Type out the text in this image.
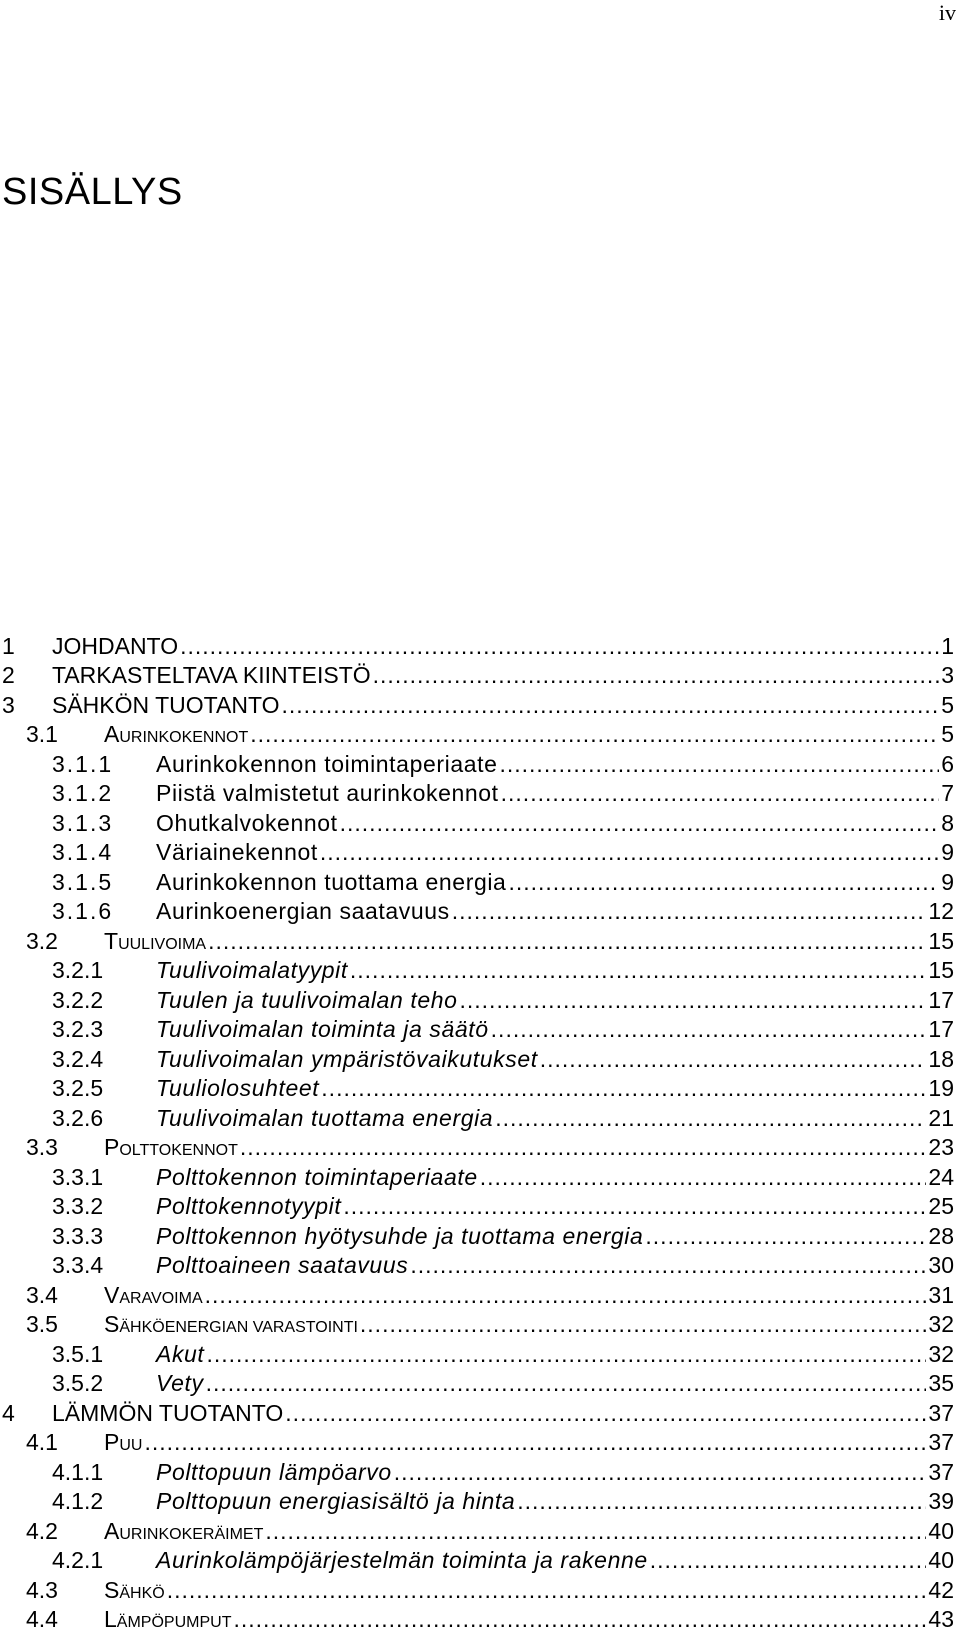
iv
SISÄLLYS
1 JOHDANTO .....	1
2 TARKASTELTAVA KIINTEISTÖ .....	3
3 SÄHKÖN TUOTANTO .....	5
3.1 AURINKOKENNOT .....	5
3.1.1 Aurinkokennon toimintaperiaate .....	6
3.1.2 Piistä valmistetut aurinkokennot .....	7
3.1.3 Ohutkalvokennot .....	8
3.1.4 Väriainekennot .....	9
3.1.5 Aurinkokennon tuottama energia .....	9
3.1.6 Aurinkoenergian saatavuus .....	12
3.2 TUULIVOIMA .....	15
3.2.1 Tuulivoimalatyypit .....	15
3.2.2 Tuulen ja tuulivoimalan teho .....	17
3.2.3 Tuulivoimalan toiminta ja säätö .....	17
3.2.4 Tuulivoimalan ympäristövaikutukset .....	18
3.2.5 Tuuliolosuhteet .....	19
3.2.6 Tuulivoimalan tuottama energia .....	21
3.3 POLTTOKENNOT .....	23
3.3.1 Polttokennon toimintaperiaate .....	24
3.3.2 Polttokennotyypit .....	25
3.3.3 Polttokennon hyötysuhde ja tuottama energia .....	28
3.3.4 Polttoaineen saatavuus .....	30
3.4 VARAVOIMA .....	31
3.5 SÄHKÖENERGIAN VARASTOINTI .....	32
3.5.1 Akut .....	32
3.5.2 Vety .....	35
4 LÄMMÖN TUOTANTO .....	37
4.1 PUU .....	37
4.1.1 Polttopuun lämpöarvo .....	37
4.1.2 Polttopuun energiasisältö ja hinta .....	39
4.2 AURINKOKERÄIMET .....	40
4.2.1 Aurinkolämpöjärjestelmän toiminta ja rakenne .....	40
4.3 SÄHKÖ .....	42
4.4 LÄMPÖPUMPUT .....	43
